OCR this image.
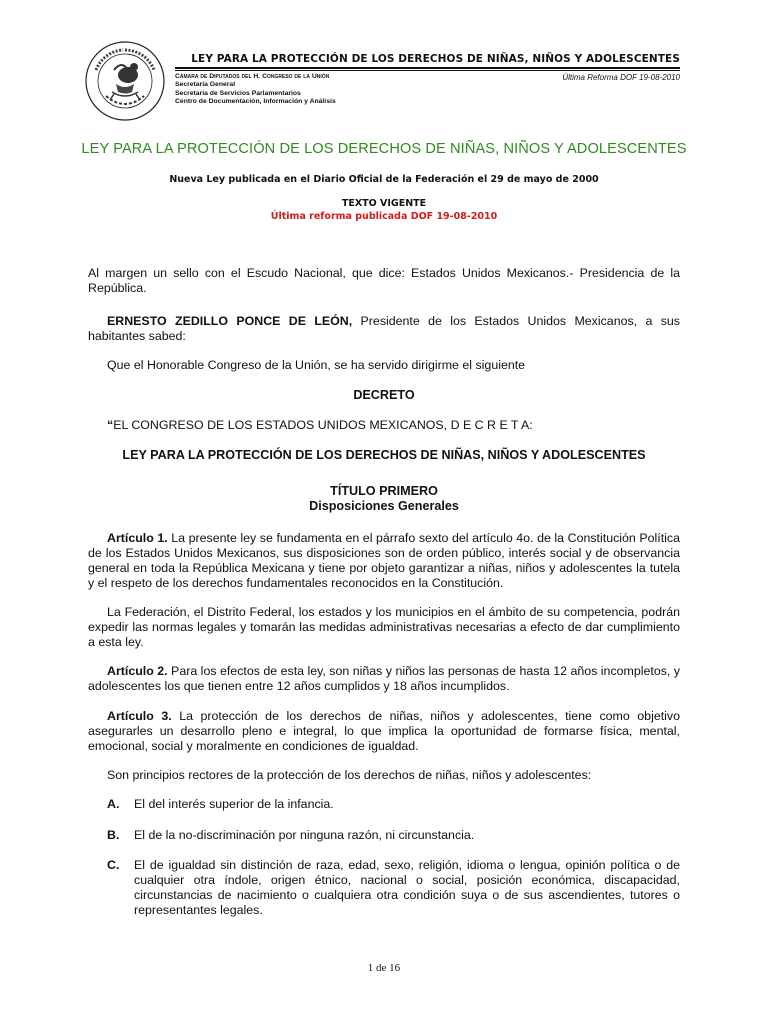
LEY PARA LA PROTECCIÓN DE LOS DERECHOS DE NIÑAS, NIÑOS Y ADOLESCENTES
Cámara de Diputados del H. Congreso de la Unión
Secretaría General
Secretaría de Servicios Parlamentarios
Centro de Documentación, Información y Análisis
Última Reforma DOF 19-08-2010
LEY PARA LA PROTECCIÓN DE LOS DERECHOS DE NIÑAS, NIÑOS Y ADOLESCENTES
Nueva Ley publicada en el Diario Oficial de la Federación el 29 de mayo de 2000
TEXTO VIGENTE
Última reforma publicada DOF 19-08-2010
Al margen un sello con el Escudo Nacional, que dice: Estados Unidos Mexicanos.- Presidencia de la República.
ERNESTO ZEDILLO PONCE DE LEÓN, Presidente de los Estados Unidos Mexicanos, a sus habitantes sabed:
Que el Honorable Congreso de la Unión, se ha servido dirigirme el siguiente
DECRETO
“EL CONGRESO DE LOS ESTADOS UNIDOS MEXICANOS, D E C R E T A:
LEY PARA LA PROTECCIÓN DE LOS DERECHOS DE NIÑAS, NIÑOS Y ADOLESCENTES
TÍTULO PRIMERO
Disposiciones Generales
Artículo 1. La presente ley se fundamenta en el párrafo sexto del artículo 4o. de la Constitución Política de los Estados Unidos Mexicanos, sus disposiciones son de orden público, interés social y de observancia general en toda la República Mexicana y tiene por objeto garantizar a niñas, niños y adolescentes la tutela y el respeto de los derechos fundamentales reconocidos en la Constitución.
La Federación, el Distrito Federal, los estados y los municipios en el ámbito de su competencia, podrán expedir las normas legales y tomarán las medidas administrativas necesarias a efecto de dar cumplimiento a esta ley.
Artículo 2. Para los efectos de esta ley, son niñas y niños las personas de hasta 12 años incompletos, y adolescentes los que tienen entre 12 años cumplidos y 18 años incumplidos.
Artículo 3. La protección de los derechos de niñas, niños y adolescentes, tiene como objetivo asegurarles un desarrollo pleno e integral, lo que implica la oportunidad de formarse física, mental, emocional, social y moralmente en condiciones de igualdad.
Son principios rectores de la protección de los derechos de niñas, niños y adolescentes:
A. El del interés superior de la infancia.
B. El de la no-discriminación por ninguna razón, ni circunstancia.
C. El de igualdad sin distinción de raza, edad, sexo, religión, idioma o lengua, opinión política o de cualquier otra índole, origen étnico, nacional o social, posición económica, discapacidad, circunstancias de nacimiento o cualquiera otra condición suya o de sus ascendientes, tutores o representantes legales.
1 de 16
